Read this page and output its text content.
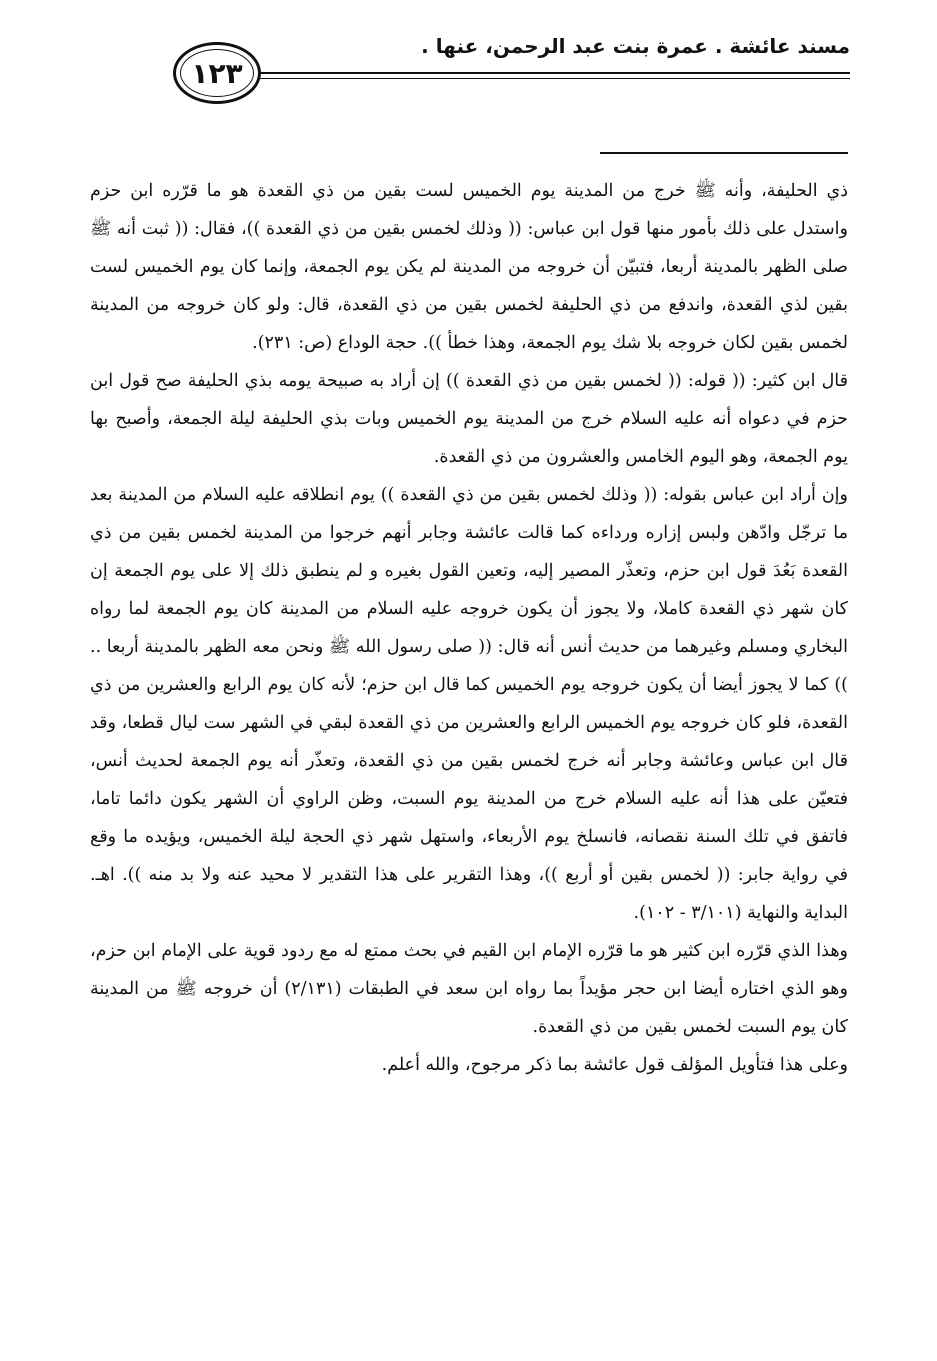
مسند عائشة . عمرة بنت عبد الرحمن، عنها .
١٢٣

ذي الحليفة، وأنه ﷺ خرج من المدينة يوم الخميس لست بقين من ذي القعدة هو ما قرّره ابن حزم واستدل على ذلك بأمور منها قول ابن عباس: (( وذلك لخمس بقين من ذي القعدة ))، فقال: (( ثبت أنه ﷺ صلى الظهر بالمدينة أربعا، فتبيّن أن خروجه من المدينة لم يكن يوم الجمعة، وإنما كان يوم الخميس لست بقين لذي القعدة، واندفع من ذي الحليفة لخمس بقين من ذي القعدة، قال: ولو كان خروجه من المدينة لخمس بقين لكان خروجه بلا شك يوم الجمعة، وهذا خطأ )). حجة الوداع (ص: ٢٣١).

قال ابن كثير: (( قوله: (( لخمس بقين من ذي القعدة )) إن أراد به صبيحة يومه بذي الحليفة صح قول ابن حزم في دعواه أنه عليه السلام خرج من المدينة يوم الخميس وبات بذي الحليفة ليلة الجمعة، وأصبح بها يوم الجمعة، وهو اليوم الخامس والعشرون من ذي القعدة.

وإن أراد ابن عباس بقوله: (( وذلك لخمس بقين من ذي القعدة )) يوم انطلاقه عليه السلام من المدينة بعد ما ترجّل وادّهن ولبس إزاره ورداءه كما قالت عائشة وجابر أنهم خرجوا من المدينة لخمس بقين من ذي القعدة بَعُدَ قول ابن حزم، وتعذّر المصير إليه، وتعين القول بغيره و لم ينطبق ذلك إلا على يوم الجمعة إن كان شهر ذي القعدة كاملا، ولا يجوز أن يكون خروجه عليه السلام من المدينة كان يوم الجمعة لما رواه البخاري ومسلم وغيرهما من حديث أنس أنه قال: (( صلى رسول الله ﷺ ونحن معه الظهر بالمدينة أربعا .. )) كما لا يجوز أيضا أن يكون خروجه يوم الخميس كما قال ابن حزم؛ لأنه كان يوم الرابع والعشرين من ذي القعدة، فلو كان خروجه يوم الخميس الرابع والعشرين من ذي القعدة لبقي في الشهر ست ليال قطعا، وقد قال ابن عباس وعائشة وجابر أنه خرج لخمس بقين من ذي القعدة، وتعذّر أنه يوم الجمعة لحديث أنس، فتعيّن على هذا أنه عليه السلام خرج من المدينة يوم السبت، وظن الراوي أن الشهر يكون دائما تاما، فاتفق في تلك السنة نقصانه، فانسلخ يوم الأربعاء، واستهل شهر ذي الحجة ليلة الخميس، ويؤيده ما وقع في رواية جابر: (( لخمس بقين أو أربع ))، وهذا التقرير على هذا التقدير لا محيد عنه ولا بد منه )). اهـ. البداية والنهاية (٣/١٠١ - ١٠٢).

وهذا الذي قرّره ابن كثير هو ما قرّره الإمام ابن القيم في بحث ممتع له مع ردود قوية على الإمام ابن حزم، وهو الذي اختاره أيضا ابن حجر مؤيداً بما رواه ابن سعد في الطبقات (٢/١٣١) أن خروجه ﷺ من المدينة كان يوم السبت لخمس بقين من ذي القعدة.

وعلى هذا فتأويل المؤلف قول عائشة بما ذكر مرجوح، والله أعلم.
